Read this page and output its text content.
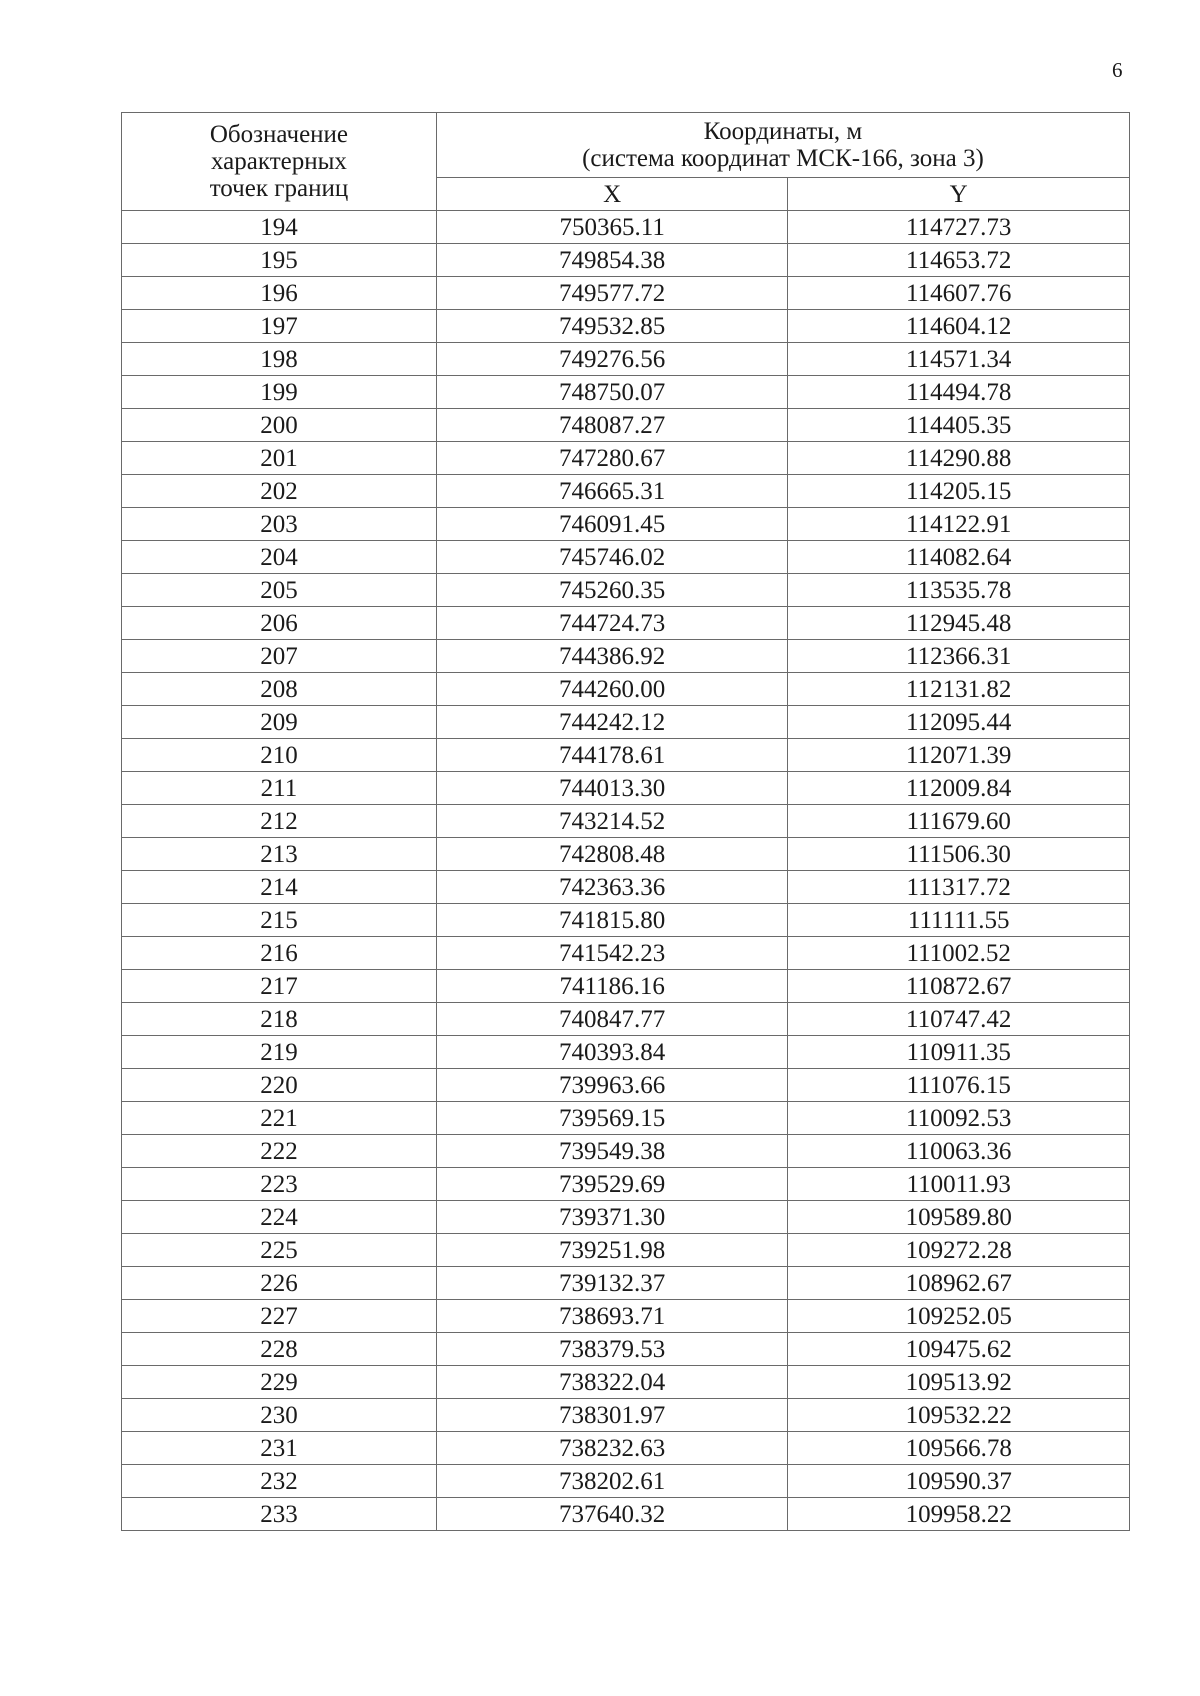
6
Обозначение
характерных
точек границ	Координаты, м
(система координат МСК-166, зона 3)	

	X	Y
194	750365.11	114727.73
195	749854.38	114653.72
196	749577.72	114607.76
197	749532.85	114604.12
198	749276.56	114571.34
199	748750.07	114494.78
200	748087.27	114405.35
201	747280.67	114290.88
202	746665.31	114205.15
203	746091.45	114122.91
204	745746.02	114082.64
205	745260.35	113535.78
206	744724.73	112945.48
207	744386.92	112366.31
208	744260.00	112131.82
209	744242.12	112095.44
210	744178.61	112071.39
211	744013.30	112009.84
212	743214.52	111679.60
213	742808.48	111506.30
214	742363.36	111317.72
215	741815.80	111111.55
216	741542.23	111002.52
217	741186.16	110872.67
218	740847.77	110747.42
219	740393.84	110911.35
220	739963.66	111076.15
221	739569.15	110092.53
222	739549.38	110063.36
223	739529.69	110011.93
224	739371.30	109589.80
225	739251.98	109272.28
226	739132.37	108962.67
227	738693.71	109252.05
228	738379.53	109475.62
229	738322.04	109513.92
230	738301.97	109532.22
231	738232.63	109566.78
232	738202.61	109590.37
233	737640.32	109958.22
